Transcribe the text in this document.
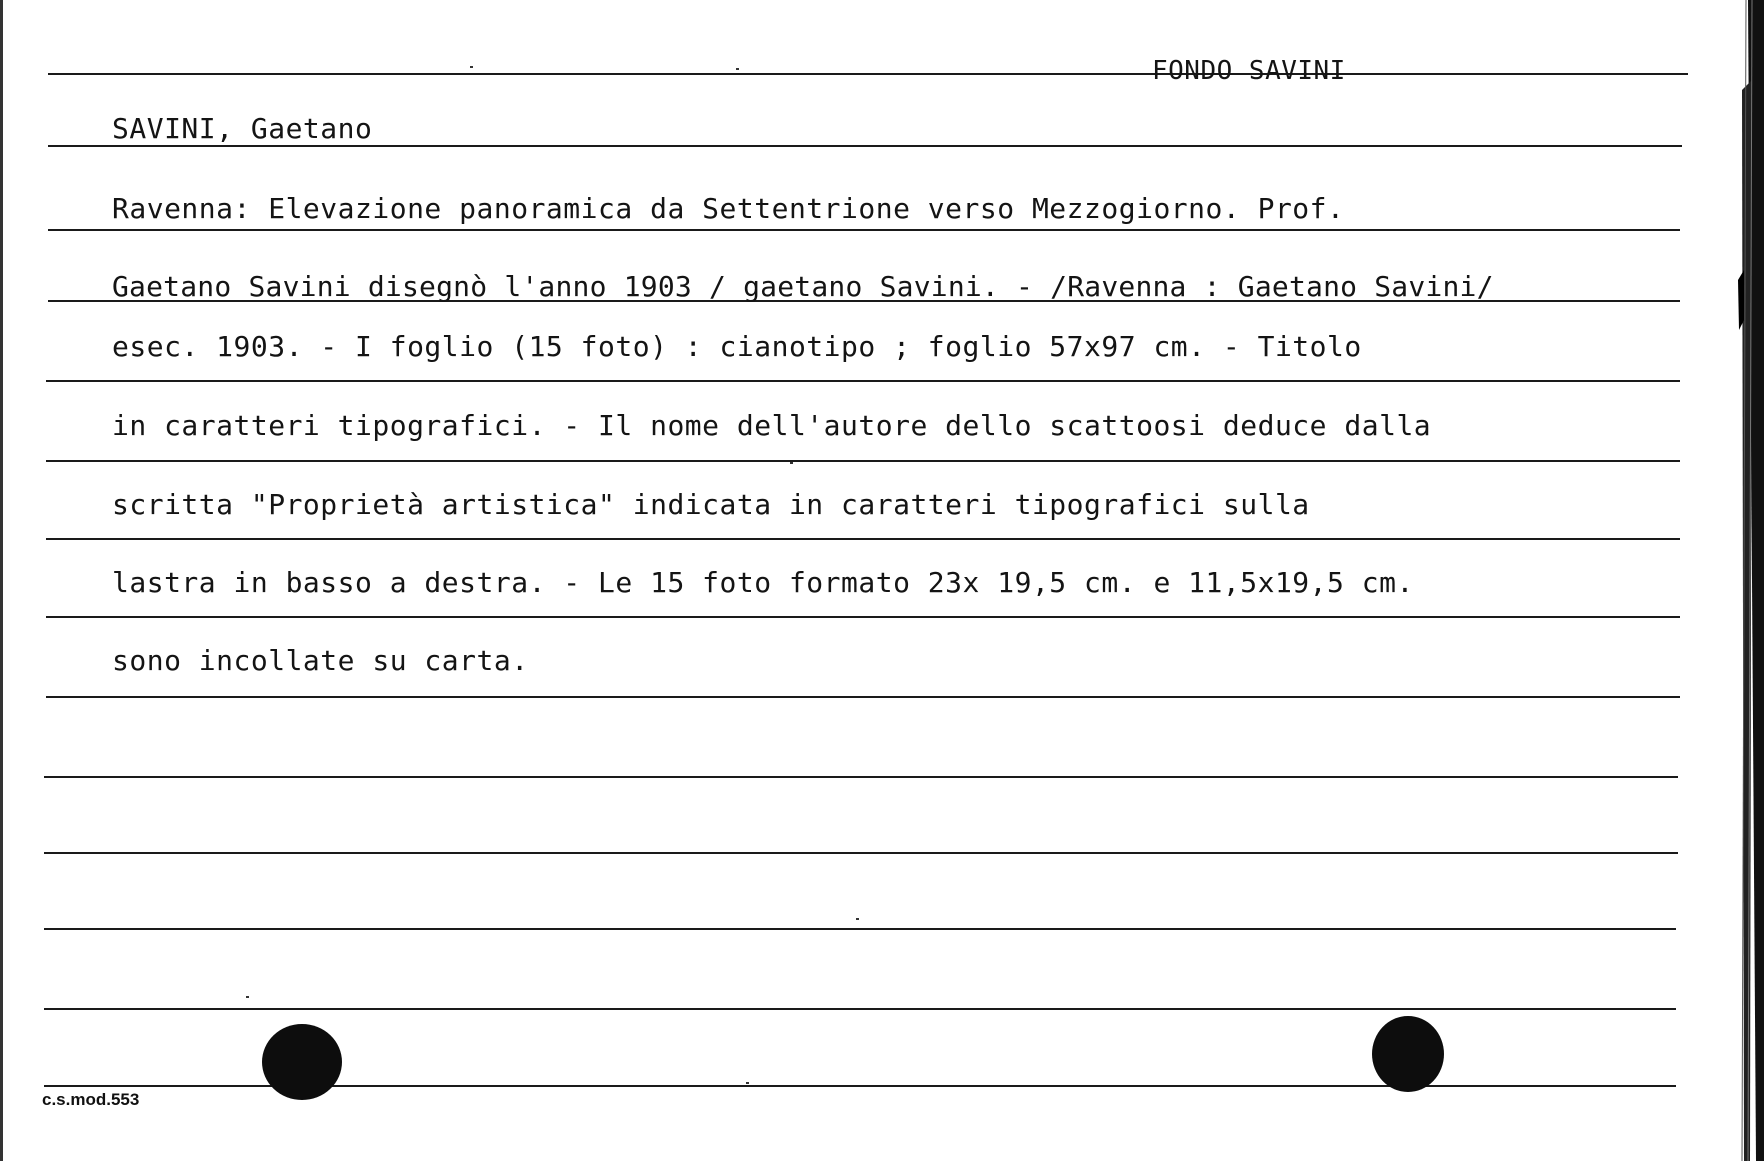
FONDO SAVINI
SAVINI, Gaetano
Ravenna: Elevazione panoramica da Settentrione verso Mezzogiorno. Prof.
Gaetano Savini disegnò l'anno 1903 / gaetano Savini. - /Ravenna : Gaetano Savini/
esec. 1903. - I foglio (15 foto) : cianotipo ; foglio 57x97 cm. - Titolo
in caratteri tipografici. - Il nome dell'autore dello scattoosi deduce dalla
scritta "Proprietà artistica" indicata in caratteri tipografici sulla
lastra in basso a destra. - Le 15 foto formato 23x 19,5 cm. e 11,5x19,5 cm.
sono incollate su carta.
c.s.mod.553
